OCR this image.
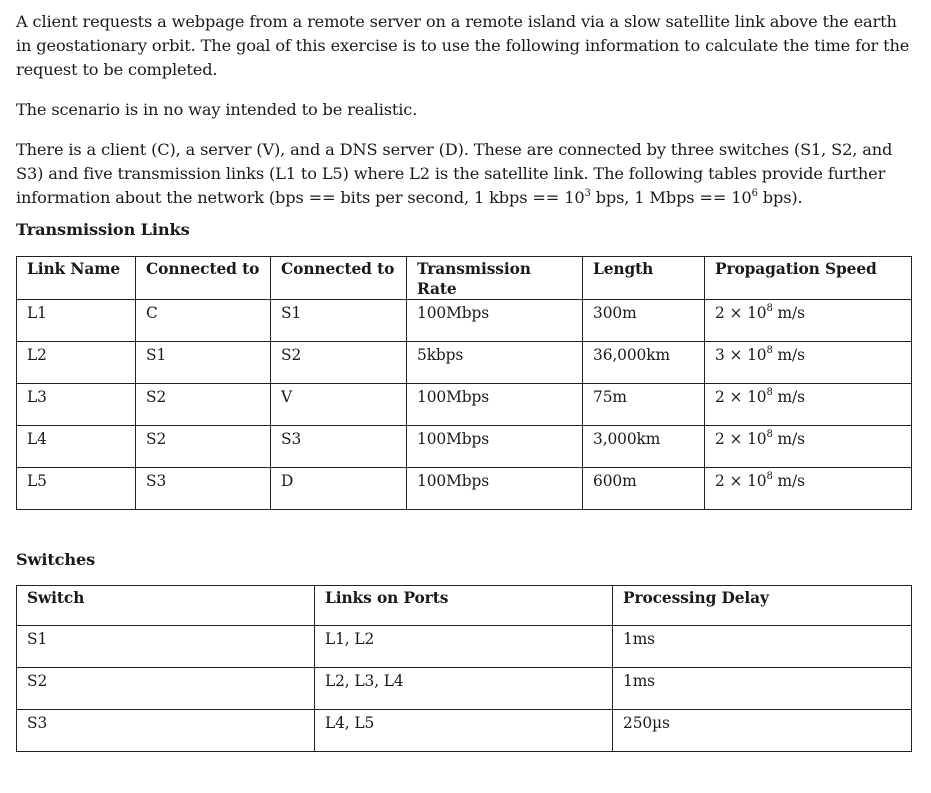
A client requests a webpage from a remote server on a remote island via a slow satellite link above the earth in geostationary orbit. The goal of this exercise is to use the following information to calculate the time for the request to be completed.

The scenario is in no way intended to be realistic.

There is a client (C), a server (V), and a DNS server (D). These are connected by three switches (S1, S2, and S3) and five transmission links (L1 to L5) where L2 is the satellite link. The following tables provide further information about the network (bps == bits per second, 1 kbps == $10^3$ bps, 1 Mbps == $10^6$ bps).

Transmission Links
Link Name	Connected to	Connected to	Transmission Rate	Length	Propagation Speed
L1	C	S1	100Mbps	300m	$2 \times 10^8$ m/s
L2	S1	S2	5kbps	36,000km	$3 \times 10^8$ m/s
L3	S2	V	100Mbps	75m	$2 \times 10^8$ m/s
L4	S2	S3	100Mbps	3,000km	$2 \times 10^8$ m/s
L5	S3	D	100Mbps	600m	$2 \times 10^8$ m/s
Switches
Switch	Links on Ports	Processing Delay
S1	L1, L2	1ms
S2	L2, L3, L4	1ms
S3	L4, L5	250µs
